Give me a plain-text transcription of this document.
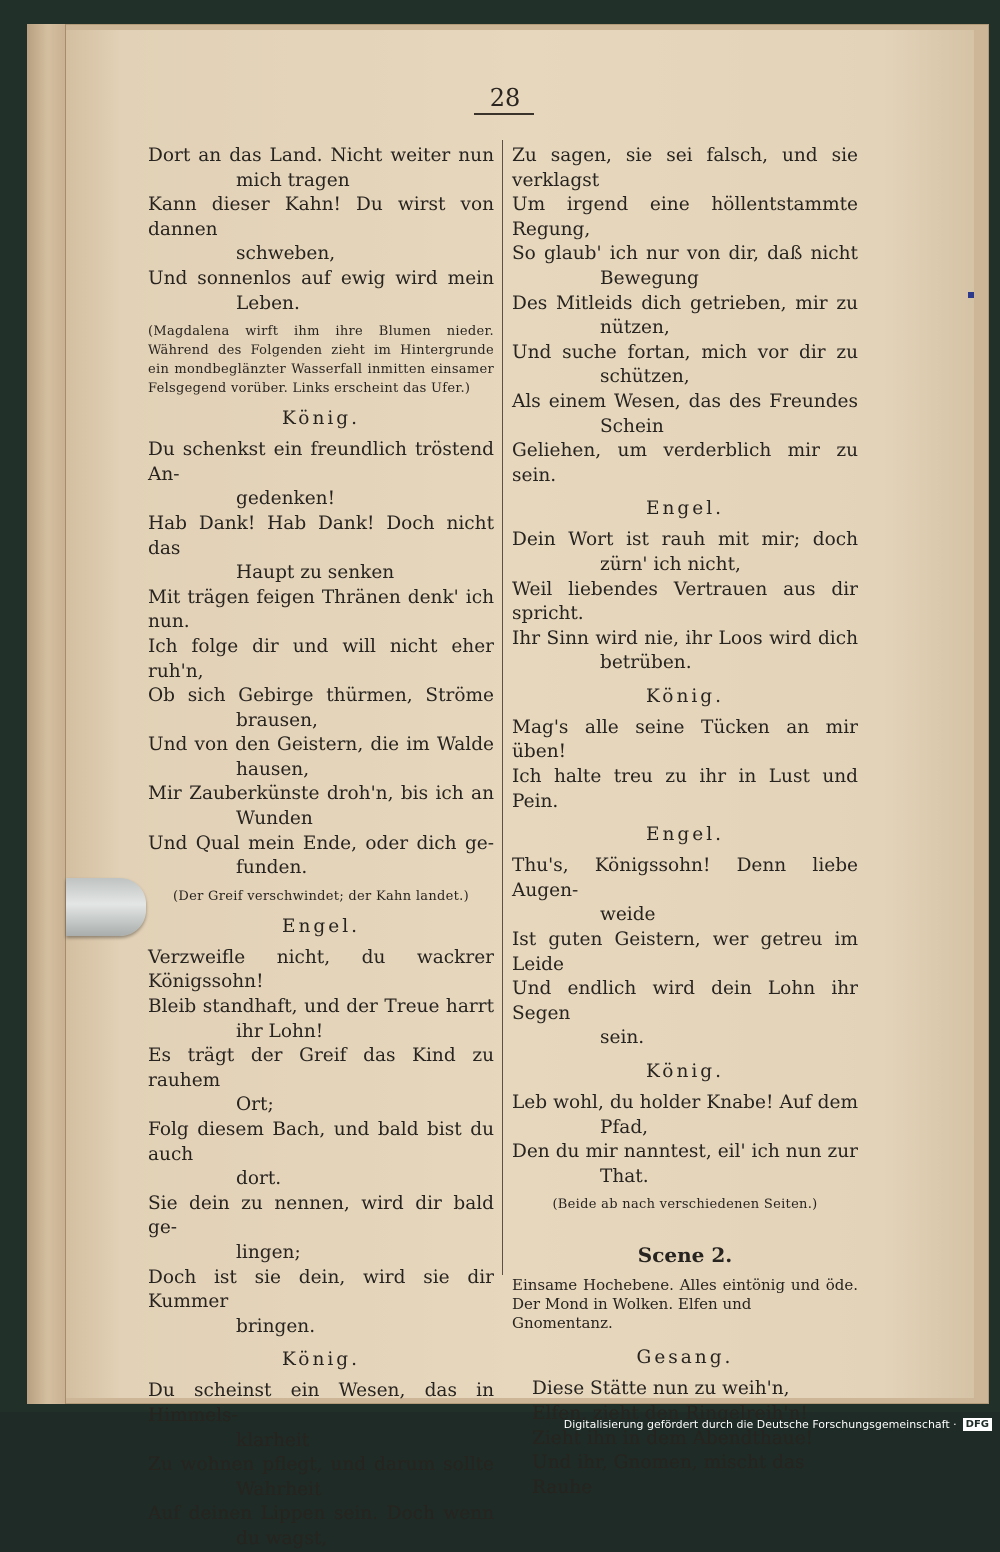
28
Dort an das Land. Nicht weiter nun
mich tragen
Kann dieser Kahn! Du wirst von dannen
schweben,
Und sonnenlos auf ewig wird mein
Leben.
(Magdalena wirft ihm ihre Blumen nieder. Während des Folgenden zieht im Hintergrunde ein mondbeglänzter Wasserfall inmitten einsamer Felsgegend vorüber. Links erscheint das Ufer.)
König.
Du schenkst ein freundlich tröstend An-
gedenken!
Hab Dank! Hab Dank! Doch nicht das
Haupt zu senken
Mit trägen feigen Thränen denk' ich nun.
Ich folge dir und will nicht eher ruh'n,
Ob sich Gebirge thürmen, Ströme
brausen,
Und von den Geistern, die im Walde
hausen,
Mir Zauberkünste droh'n, bis ich an
Wunden
Und Qual mein Ende, oder dich ge-
funden.
(Der Greif verschwindet; der Kahn landet.)
Engel.
Verzweifle nicht, du wackrer Königssohn!
Bleib standhaft, und der Treue harrt
ihr Lohn!
Es trägt der Greif das Kind zu rauhem
Ort;
Folg diesem Bach, und bald bist du auch
dort.
Sie dein zu nennen, wird dir bald ge-
lingen;
Doch ist sie dein, wird sie dir Kummer
bringen.
König.
Du scheinst ein Wesen, das in Himmels-
klarheit
Zu wohnen pflegt, und darum sollte
Wahrheit
Auf deinen Lippen sein. Doch wenn
du wagst,
Zu sagen, sie sei falsch, und sie verklagst
Um irgend eine höllentstammte Regung,
So glaub' ich nur von dir, daß nicht
Bewegung
Des Mitleids dich getrieben, mir zu
nützen,
Und suche fortan, mich vor dir zu
schützen,
Als einem Wesen, das des Freundes
Schein
Geliehen, um verderblich mir zu sein.
Engel.
Dein Wort ist rauh mit mir; doch
zürn' ich nicht,
Weil liebendes Vertrauen aus dir spricht.
Ihr Sinn wird nie, ihr Loos wird dich
betrüben.
König.
Mag's alle seine Tücken an mir üben!
Ich halte treu zu ihr in Lust und Pein.
Engel.
Thu's, Königssohn! Denn liebe Augen-
weide
Ist guten Geistern, wer getreu im Leide
Und endlich wird dein Lohn ihr Segen
sein.
König.
Leb wohl, du holder Knabe! Auf dem
Pfad,
Den du mir nanntest, eil' ich nun zur
That.
(Beide ab nach verschiedenen Seiten.)
Scene 2.
Einsame Hochebene. Alles eintönig und öde. Der Mond in Wolken. Elfen und
Gnomentanz.
Gesang.
Diese Stätte nun zu weih'n,
Elfen, zieht den Ringelreih'n!
Zieht ihn in dem Abendthaue!
Und ihr, Gnomen, mischt das Rauhe
Digitalisierung gefördert durch die Deutsche Forschungsgemeinschaft · DFG
